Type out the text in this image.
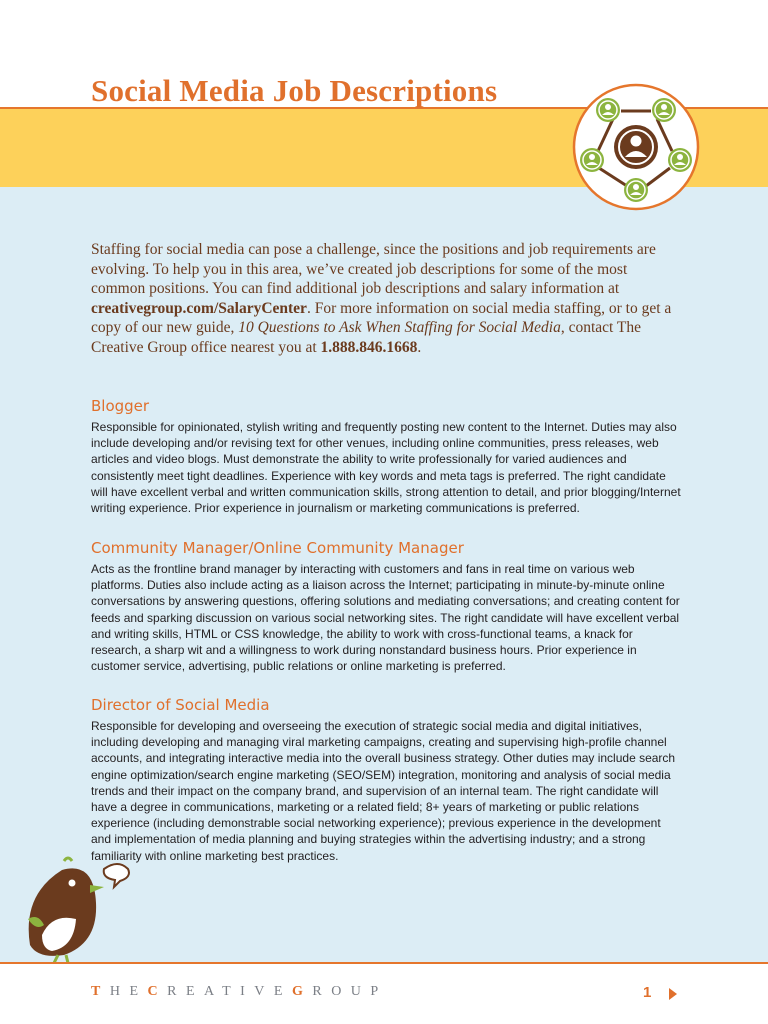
Social Media Job Descriptions

Staffing for social media can pose a challenge, since the positions and job requirements are evolving. To help you in this area, we’ve created job descriptions for some of the most common positions. You can find additional job descriptions and salary information at creativegroup.com/SalaryCenter. For more information on social media staffing, or to get a copy of our new guide, 10 Questions to Ask When Staffing for Social Media, contact The Creative Group office nearest you at 1.888.846.1668.

Blogger

Responsible for opinionated, stylish writing and frequently posting new content to the Internet. Duties may also include developing and/or revising text for other venues, including online communities, press releases, web articles and video blogs. Must demonstrate the ability to write professionally for varied audiences and consistently meet tight deadlines. Experience with key words and meta tags is preferred. The right candidate will have excellent verbal and written communication skills, strong attention to detail, and prior blogging/Internet writing experience. Prior experience in journalism or marketing communications is preferred.

Community Manager/Online Community Manager

Acts as the frontline brand manager by interacting with customers and fans in real time on various web platforms. Duties also include acting as a liaison across the Internet; participating in minute-by-minute online conversations by answering questions, offering solutions and mediating conversations; and creating content for feeds and sparking discussion on various social networking sites. The right candidate will have excellent verbal and writing skills, HTML or CSS knowledge, the ability to work with cross-functional teams, a knack for research, a sharp wit and a willingness to work during nonstandard business hours. Prior experience in customer service, advertising, public relations or online marketing is preferred.

Director of Social Media

Responsible for developing and overseeing the execution of strategic social media and digital initiatives, including developing and managing viral marketing campaigns, creating and supervising high-profile channel accounts, and integrating interactive media into the overall business strategy. Other duties may include search engine optimization/search engine marketing (SEO/SEM) integration, monitoring and analysis of social media trends and their impact on the company brand, and supervision of an internal team. The right candidate will have a degree in communications, marketing or a related field; 8+ years of marketing or public relations experience (including demonstrable social networking experience); previous experience in the development and implementation of media planning and buying strategies within the advertising industry; and a strong familiarity with online marketing best practices.

THECREATIVEGROUP	1
